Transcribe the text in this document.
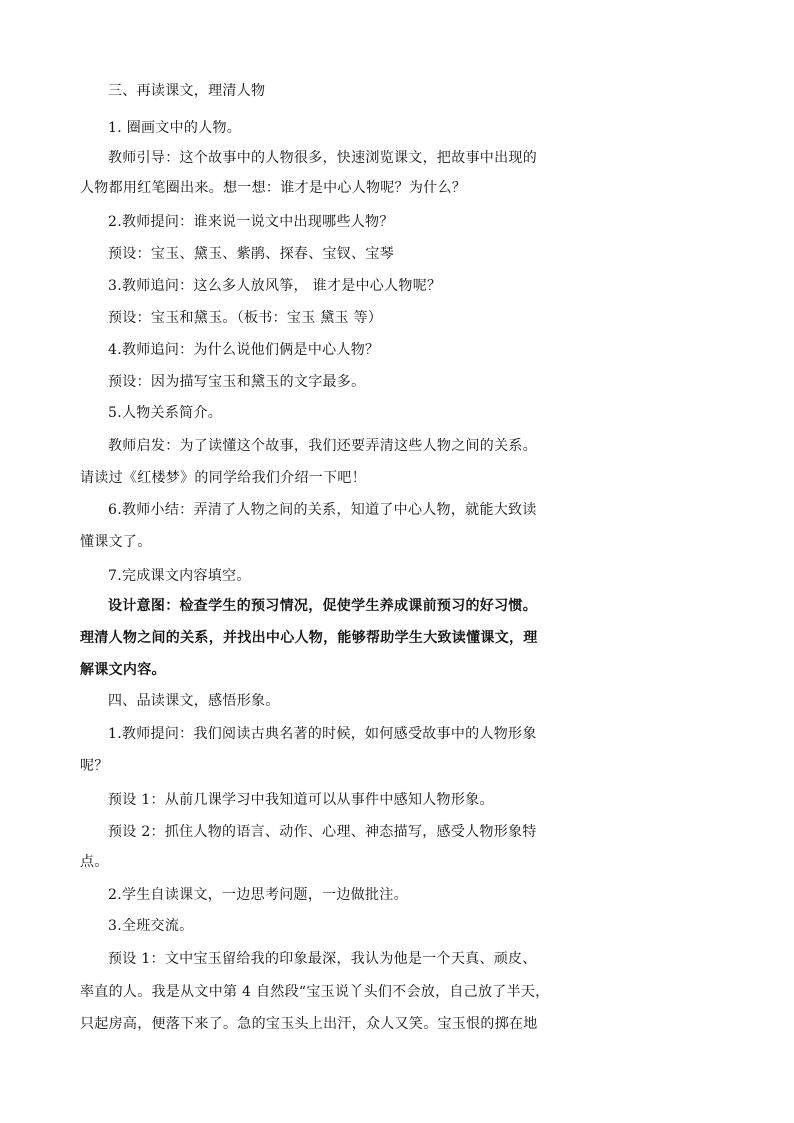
三、再读课文，理清人物
1. 圈画文中的人物。
教师引导：这个故事中的人物很多，快速浏览课文，把故事中出现的
人物都用红笔圈出来。想一想：谁才是中心人物呢？为什么？
2.教师提问：谁来说一说文中出现哪些人物？
预设：宝玉、黛玉、紫鹃、探春、宝钗、宝琴
3.教师追问：这么多人放风筝， 谁才是中心人物呢？
预设：宝玉和黛玉。（板书：宝玉 黛玉 等）
4.教师追问：为什么说他们俩是中心人物？
预设：因为描写宝玉和黛玉的文字最多。
5.人物关系简介。
教师启发：为了读懂这个故事，我们还要弄清这些人物之间的关系。
请读过《红楼梦》的同学给我们介绍一下吧！
6.教师小结：弄清了人物之间的关系，知道了中心人物，就能大致读
懂课文了。
7.完成课文内容填空。
设计意图：检查学生的预习情况，促使学生养成课前预习的好习惯。
理清人物之间的关系，并找出中心人物，能够帮助学生大致读懂课文，理
解课文内容。
四、品读课文，感悟形象。
1.教师提问：我们阅读古典名著的时候，如何感受故事中的人物形象
呢？
预设 1：从前几课学习中我知道可以从事件中感知人物形象。
预设 2：抓住人物的语言、动作、心理、神态描写，感受人物形象特
点。
2.学生自读课文，一边思考问题，一边做批注。
3.全班交流。
预设 1：文中宝玉留给我的印象最深，我认为他是一个天真、顽皮、
率直的人。我是从文中第 4 自然段“宝玉说丫头们不会放，自己放了半天，
只起房高，便落下来了。急的宝玉头上出汗，众人又笑。宝玉恨的掷在地
